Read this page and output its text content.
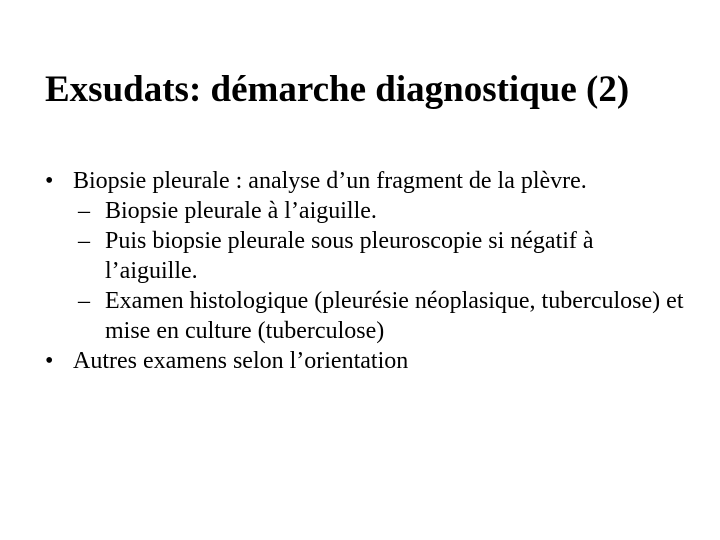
Exsudats: démarche diagnostique (2)
• Biopsie pleurale : analyse d’un fragment de la plèvre.
– Biopsie pleurale à l’aiguille.
– Puis biopsie pleurale sous pleuroscopie si négatif à l’aiguille.
– Examen histologique (pleurésie néoplasique, tuberculose) et mise en culture (tuberculose)
• Autres examens selon l’orientation
